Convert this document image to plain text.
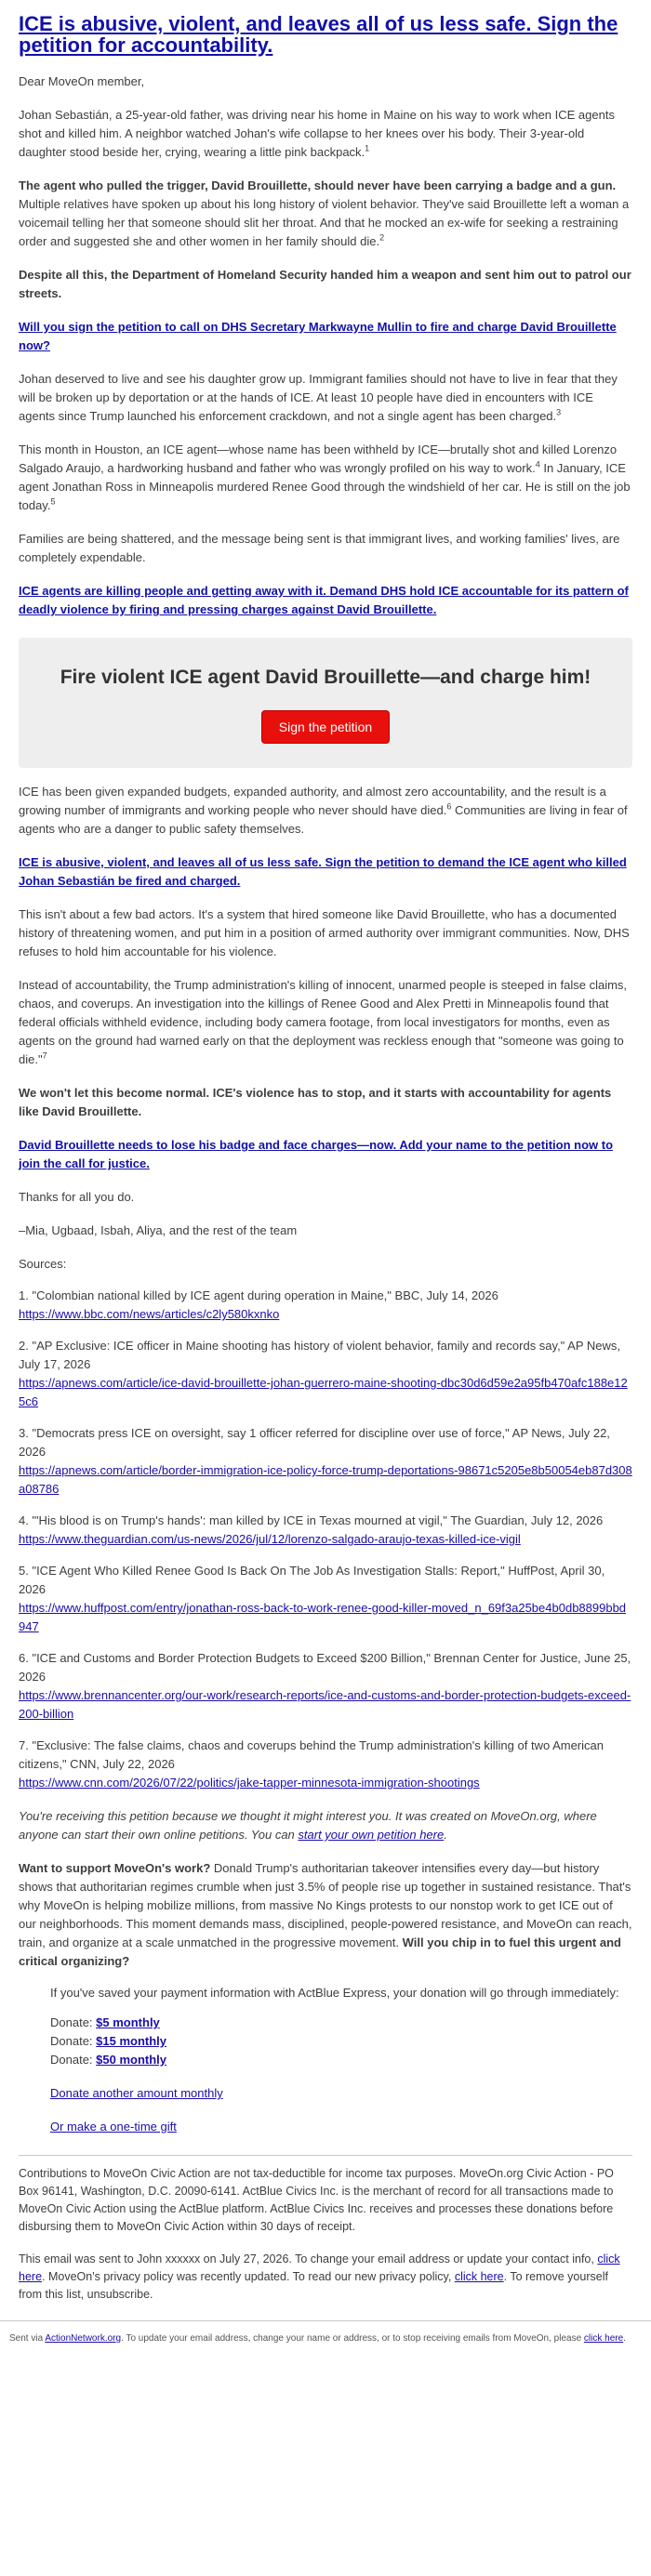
ICE is abusive, violent, and leaves all of us less safe. Sign the petition for accountability.

Dear MoveOn member,

Johan Sebastián, a 25-year-old father, was driving near his home in Maine on his way to work when ICE agents shot and killed him. A neighbor watched Johan's wife collapse to her knees over his body. Their 3-year-old daughter stood beside her, crying, wearing a little pink backpack.$^1$

The agent who pulled the trigger, David Brouillette, should never have been carrying a badge and a gun. Multiple relatives have spoken up about his long history of violent behavior. They've said Brouillette left a woman a voicemail telling her that someone should slit her throat. And that he mocked an ex-wife for seeking a restraining order and suggested she and other women in her family should die.$^2$

Despite all this, the Department of Homeland Security handed him a weapon and sent him out to patrol our streets.

Will you sign the petition to call on DHS Secretary Markwayne Mullin to fire and charge David Brouillette now?

Johan deserved to live and see his daughter grow up. Immigrant families should not have to live in fear that they will be broken up by deportation or at the hands of ICE. At least 10 people have died in encounters with ICE agents since Trump launched his enforcement crackdown, and not a single agent has been charged.$^3$

This month in Houston, an ICE agent—whose name has been withheld by ICE—brutally shot and killed Lorenzo Salgado Araujo, a hardworking husband and father who was wrongly profiled on his way to work.$^4$ In January, ICE agent Jonathan Ross in Minneapolis murdered Renee Good through the windshield of her car. He is still on the job today.$^5$

Families are being shattered, and the message being sent is that immigrant lives, and working families' lives, are completely expendable.

ICE agents are killing people and getting away with it. Demand DHS hold ICE accountable for its pattern of deadly violence by firing and pressing charges against David Brouillette.

Fire violent ICE agent David Brouillette—and charge him!
Sign the petition

ICE has been given expanded budgets, expanded authority, and almost zero accountability, and the result is a growing number of immigrants and working people who never should have died.$^6$ Communities are living in fear of agents who are a danger to public safety themselves.

ICE is abusive, violent, and leaves all of us less safe. Sign the petition to demand the ICE agent who killed Johan Sebastián be fired and charged.

This isn't about a few bad actors. It's a system that hired someone like David Brouillette, who has a documented history of threatening women, and put him in a position of armed authority over immigrant communities. Now, DHS refuses to hold him accountable for his violence.

Instead of accountability, the Trump administration's killing of innocent, unarmed people is steeped in false claims, chaos, and coverups. An investigation into the killings of Renee Good and Alex Pretti in Minneapolis found that federal officials withheld evidence, including body camera footage, from local investigators for months, even as agents on the ground had warned early on that the deployment was reckless enough that "someone was going to die."$^7$

We won't let this become normal. ICE's violence has to stop, and it starts with accountability for agents like David Brouillette.

David Brouillette needs to lose his badge and face charges—now. Add your name to the petition now to join the call for justice.

Thanks for all you do.

–Mia, Ugbaad, Isbah, Aliya, and the rest of the team

Sources:

1. "Colombian national killed by ICE agent during operation in Maine," BBC, July 14, 2026
https://www.bbc.com/news/articles/c2ly580kxnko

2. "AP Exclusive: ICE officer in Maine shooting has history of violent behavior, family and records say," AP News, July 17, 2026
https://apnews.com/article/ice-david-brouillette-johan-guerrero-maine-shooting-dbc30d6d59e2a95fb470afc188e125c6

3. "Democrats press ICE on oversight, say 1 officer referred for discipline over use of force," AP News, July 22, 2026
https://apnews.com/article/border-immigration-ice-policy-force-trump-deportations-98671c5205e8b50054eb87d308a08786

4. "'His blood is on Trump's hands': man killed by ICE in Texas mourned at vigil," The Guardian, July 12, 2026
https://www.theguardian.com/us-news/2026/jul/12/lorenzo-salgado-araujo-texas-killed-ice-vigil

5. "ICE Agent Who Killed Renee Good Is Back On The Job As Investigation Stalls: Report," HuffPost, April 30, 2026
https://www.huffpost.com/entry/jonathan-ross-back-to-work-renee-good-killer-moved_n_69f3a25be4b0db8899bbd947

6. "ICE and Customs and Border Protection Budgets to Exceed $200 Billion," Brennan Center for Justice, June 25, 2026
https://www.brennancenter.org/our-work/research-reports/ice-and-customs-and-border-protection-budgets-exceed-200-billion

7. "Exclusive: The false claims, chaos and coverups behind the Trump administration's killing of two American citizens," CNN, July 22, 2026
https://www.cnn.com/2026/07/22/politics/jake-tapper-minnesota-immigration-shootings

You're receiving this petition because we thought it might interest you. It was created on MoveOn.org, where anyone can start their own online petitions. You can start your own petition here.

Want to support MoveOn's work? Donald Trump's authoritarian takeover intensifies every day—but history shows that authoritarian regimes crumble when just 3.5% of people rise up together in sustained resistance. That's why MoveOn is helping mobilize millions, from massive No Kings protests to our nonstop work to get ICE out of our neighborhoods. This moment demands mass, disciplined, people-powered resistance, and MoveOn can reach, train, and organize at a scale unmatched in the progressive movement. Will you chip in to fuel this urgent and critical organizing?

If you've saved your payment information with ActBlue Express, your donation will go through immediately:

Donate: $5 monthly
Donate: $15 monthly
Donate: $50 monthly

Donate another amount monthly

Or make a one-time gift

Contributions to MoveOn Civic Action are not tax-deductible for income tax purposes. MoveOn.org Civic Action - PO Box 96141, Washington, D.C. 20090-6141. ActBlue Civics Inc. is the merchant of record for all transactions made to MoveOn Civic Action using the ActBlue platform. ActBlue Civics Inc. receives and processes these donations before disbursing them to MoveOn Civic Action within 30 days of receipt.

This email was sent to John xxxxxx on July 27, 2026. To change your email address or update your contact info, click here. MoveOn's privacy policy was recently updated. To read our new privacy policy, click here. To remove yourself from this list, unsubscribe.

Sent via ActionNetwork.org. To update your email address, change your name or address, or to stop receiving emails from MoveOn, please click here.
